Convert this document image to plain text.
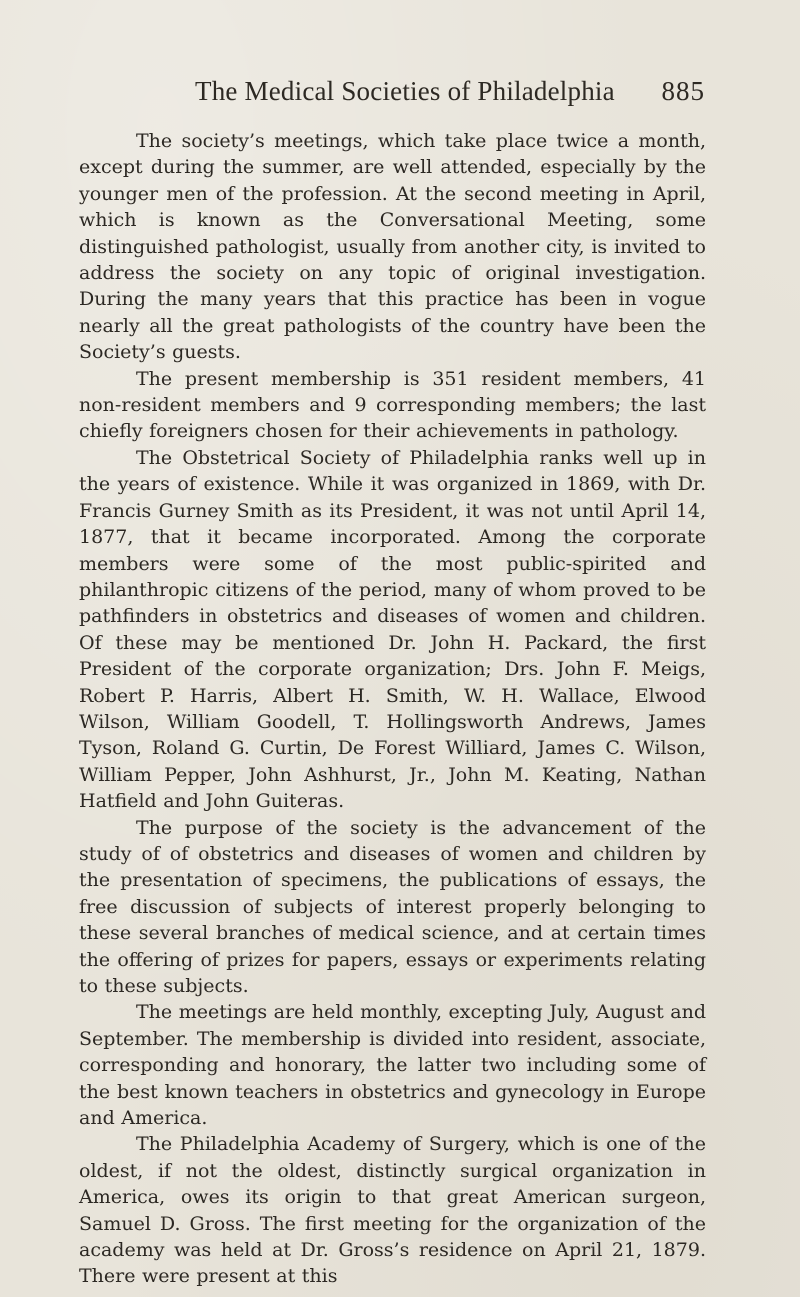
The Medical Societies of Philadelphia 885

The society’s meetings, which take place twice a month, except during the summer, are well attended, especially by the younger men of the profession. At the second meeting in April, which is known as the Conversational Meeting, some distinguished pathologist, usually from another city, is invited to address the society on any topic of original investigation. During the many years that this practice has been in vogue nearly all the great pathologists of the country have been the Society’s guests.

The present membership is 351 resident members, 41 non-resident members and 9 corresponding members; the last chiefly foreigners chosen for their achievements in pathology.

The Obstetrical Society of Philadelphia ranks well up in the years of existence. While it was organized in 1869, with Dr. Francis Gurney Smith as its President, it was not until April 14, 1877, that it became incorporated. Among the corporate members were some of the most public-spirited and philanthropic citizens of the period, many of whom proved to be pathfinders in obstetrics and diseases of women and children. Of these may be mentioned Dr. John H. Packard, the first President of the corporate organization; Drs. John F. Meigs, Robert P. Harris, Albert H. Smith, W. H. Wallace, Elwood Wilson, William Goodell, T. Hollingsworth Andrews, James Tyson, Roland G. Curtin, De Forest Williard, James C. Wilson, William Pepper, John Ashhurst, Jr., John M. Keating, Nathan Hatfield and John Guiteras.

The purpose of the society is the advancement of the study of of obstetrics and diseases of women and children by the presentation of specimens, the publications of essays, the free discussion of subjects of interest properly belonging to these several branches of medical science, and at certain times the offering of prizes for papers, essays or experiments relating to these subjects.

The meetings are held monthly, excepting July, August and September. The membership is divided into resident, associate, corresponding and honorary, the latter two including some of the best known teachers in obstetrics and gynecology in Europe and America.

The Philadelphia Academy of Surgery, which is one of the oldest, if not the oldest, distinctly surgical organization in America, owes its origin to that great American surgeon, Samuel D. Gross. The first meeting for the organization of the academy was held at Dr. Gross’s residence on April 21, 1879. There were present at this
